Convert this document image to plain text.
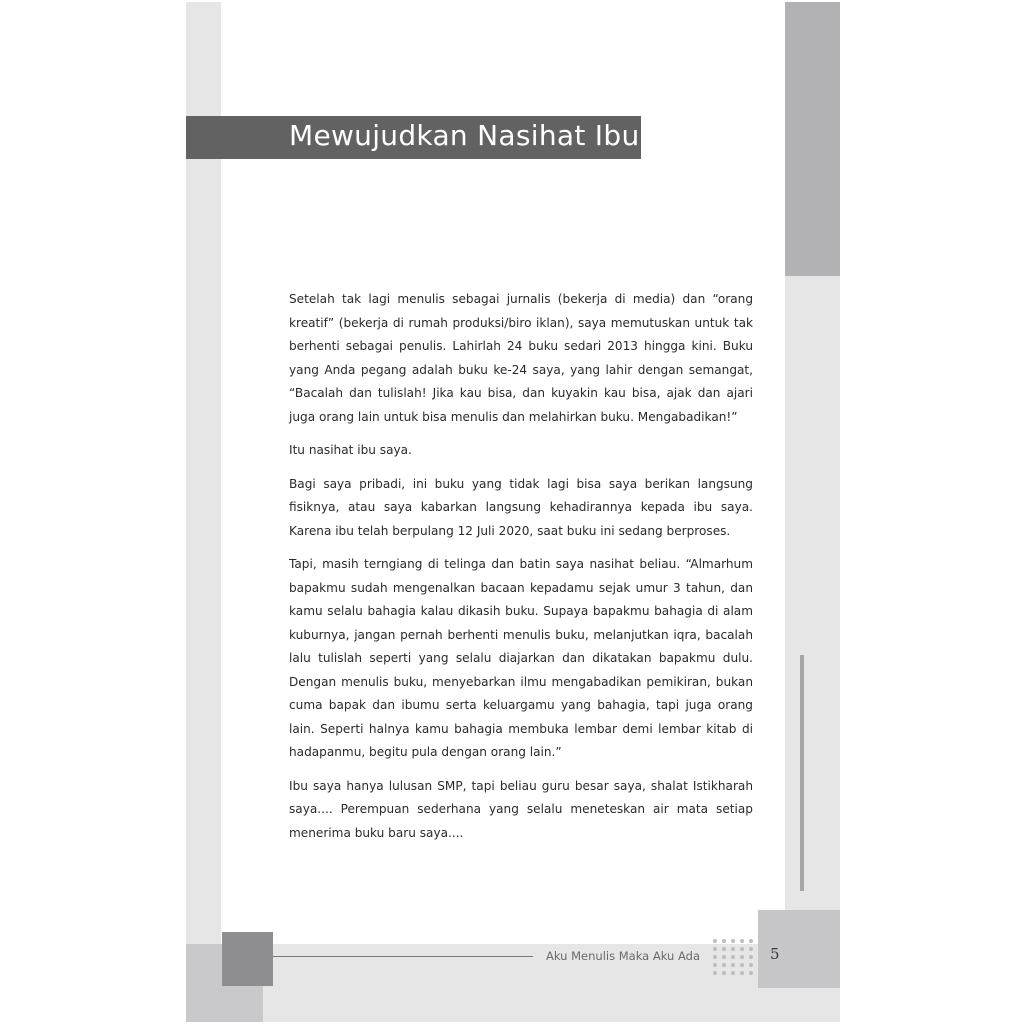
Mewujudkan Nasihat Ibu

Setelah tak lagi menulis sebagai jurnalis (bekerja di media) dan “orang kreatif” (bekerja di rumah produksi/biro iklan), saya memutuskan untuk tak berhenti sebagai penulis. Lahirlah 24 buku sedari 2013 hingga kini. Buku yang Anda pegang adalah buku ke-24 saya, yang lahir dengan semangat, “Bacalah dan tulislah! Jika kau bisa, dan kuyakin kau bisa, ajak dan ajari juga orang lain untuk bisa menulis dan melahirkan buku. Mengabadikan!”

Itu nasihat ibu saya.

Bagi saya pribadi, ini buku yang tidak lagi bisa saya berikan langsung fisiknya, atau saya kabarkan langsung kehadirannya kepada ibu saya. Karena ibu telah berpulang 12 Juli 2020, saat buku ini sedang berproses.

Tapi, masih terngiang di telinga dan batin saya nasihat beliau. “Almarhum bapakmu sudah mengenalkan bacaan kepadamu sejak umur 3 tahun, dan kamu selalu bahagia kalau dikasih buku. Supaya bapakmu bahagia di alam kuburnya, jangan pernah berhenti menulis buku, melanjutkan iqra, bacalah lalu tulislah seperti yang selalu diajarkan dan dikatakan bapakmu dulu. Dengan menulis buku, menyebarkan ilmu mengabadikan pemikiran, bukan cuma bapak dan ibumu serta keluargamu yang bahagia, tapi juga orang lain. Seperti halnya kamu bahagia membuka lembar demi lembar kitab di hadapanmu, begitu pula dengan orang lain.”

Ibu saya hanya lulusan SMP, tapi beliau guru besar saya, shalat Istikharah saya.... Perempuan sederhana yang selalu meneteskan air mata setiap menerima buku baru saya....

Aku Menulis Maka Aku Ada	5
